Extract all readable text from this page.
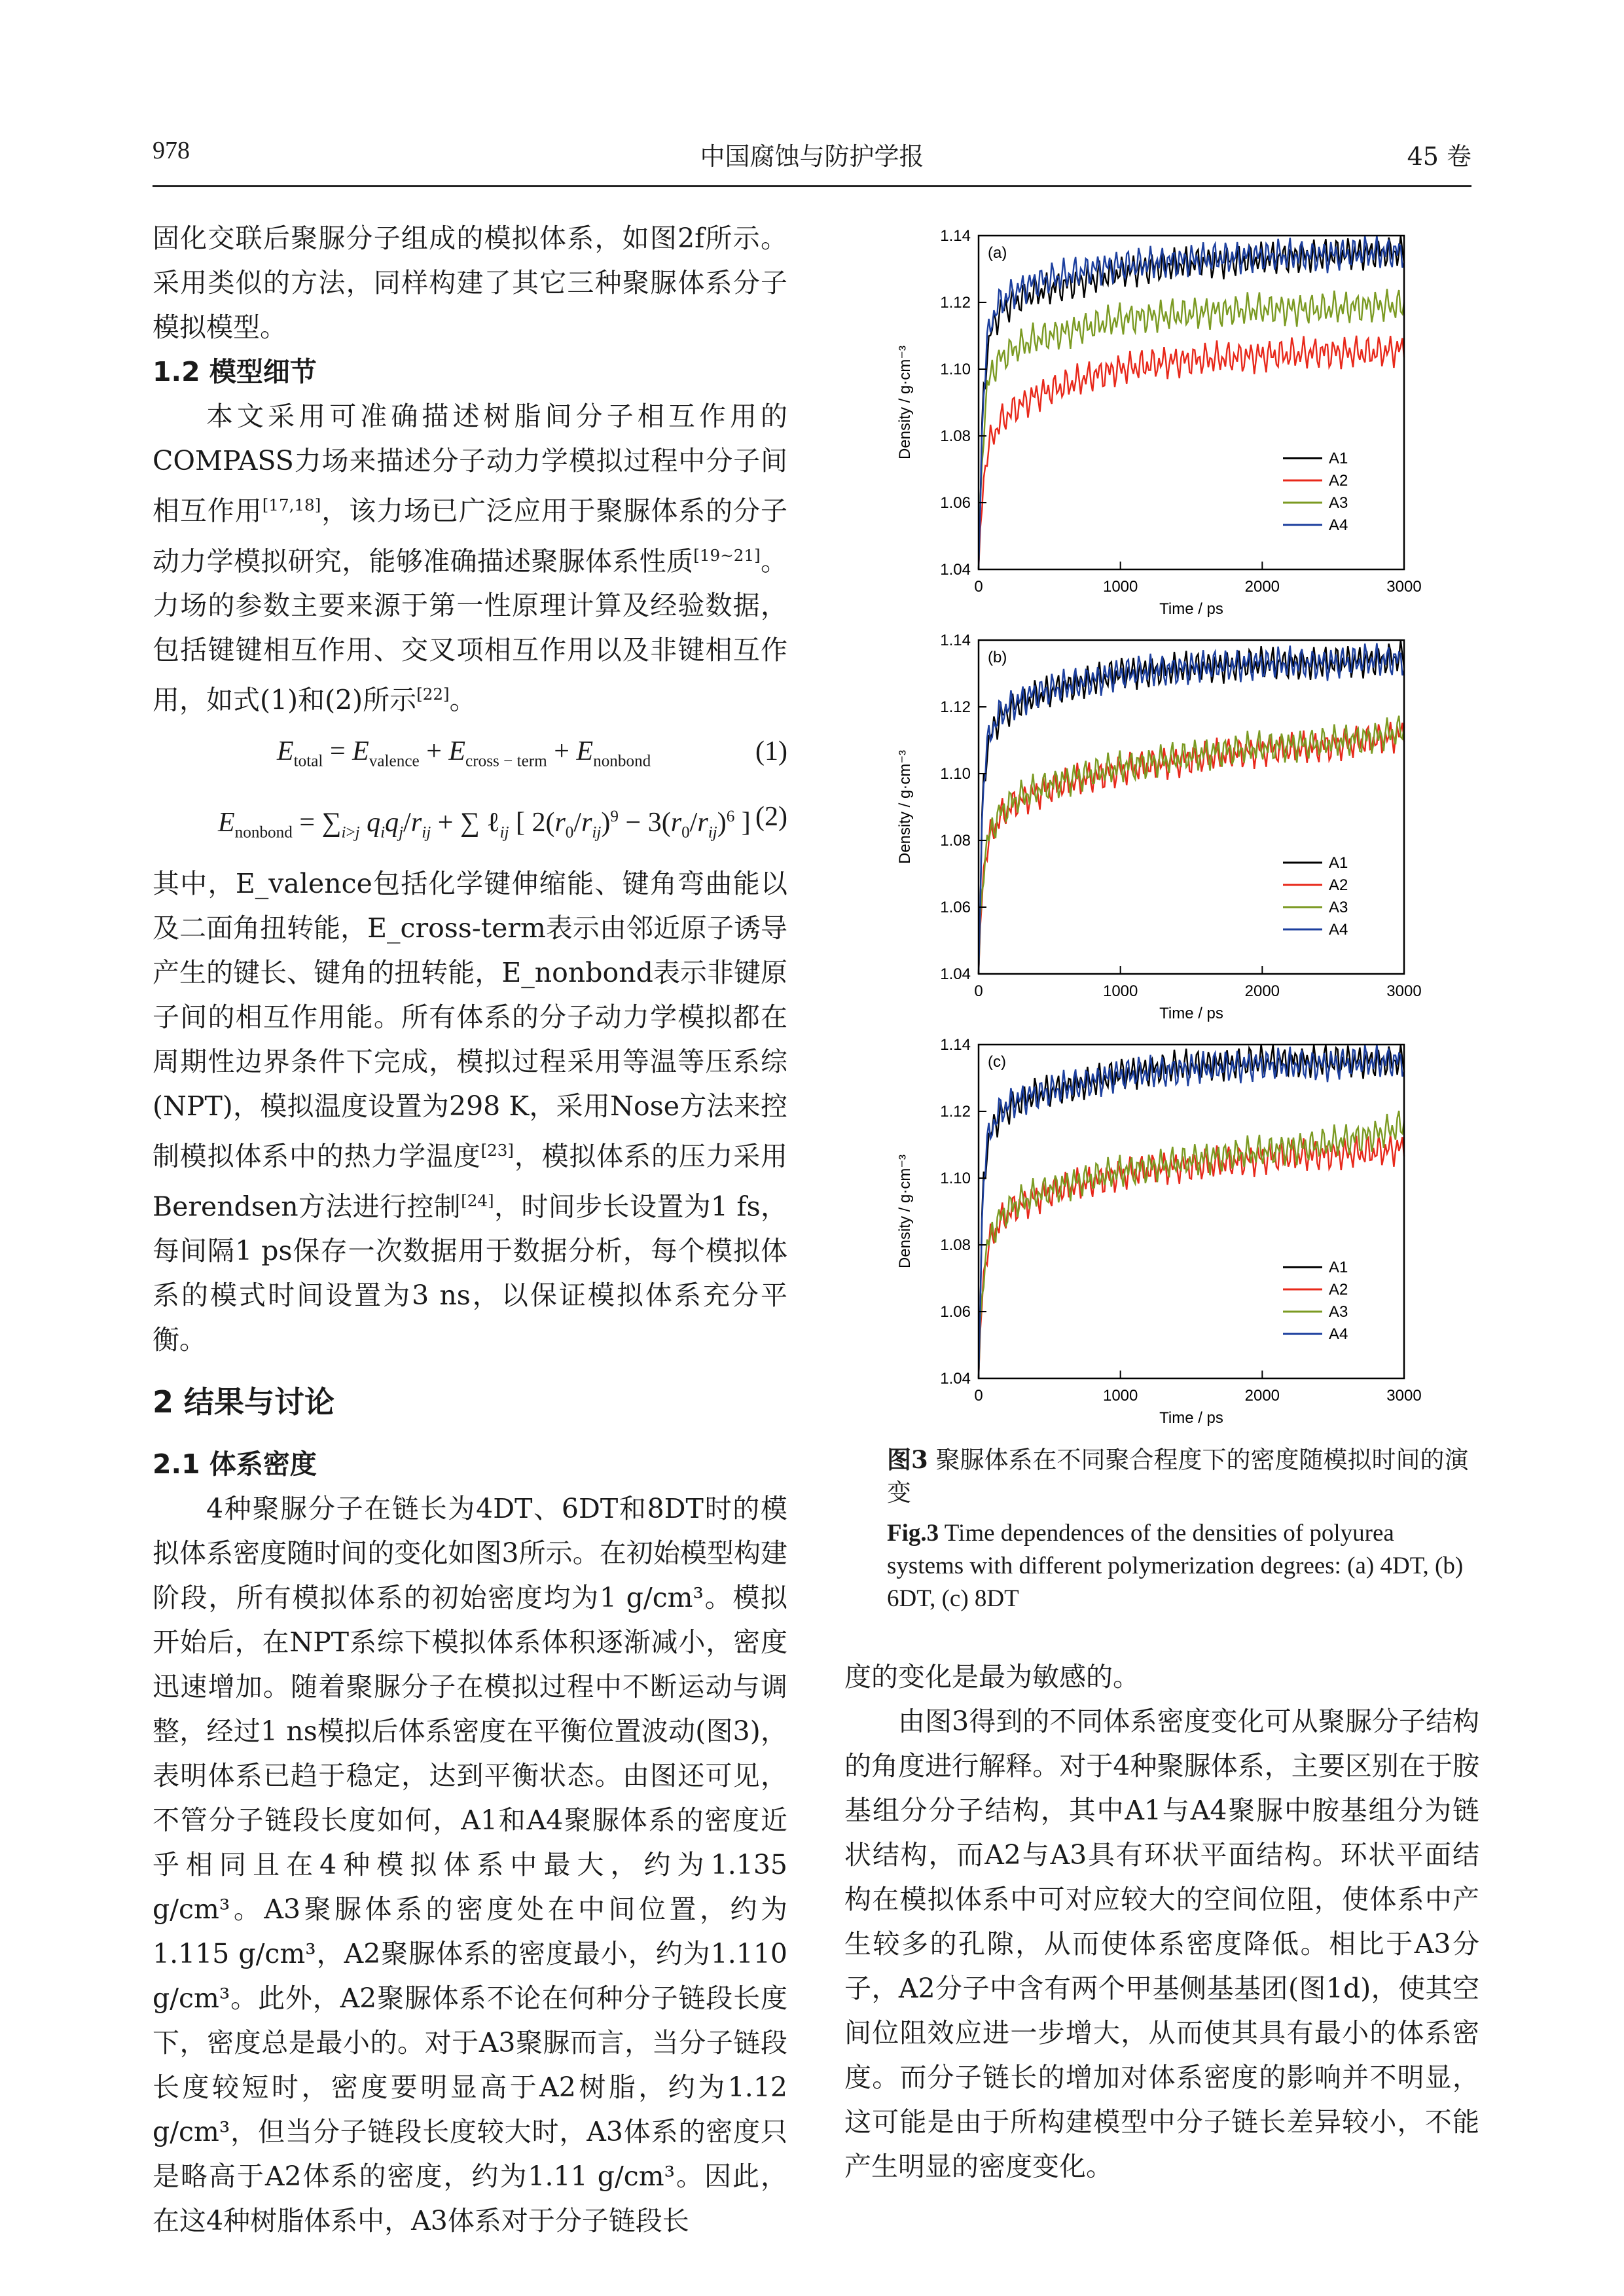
978	中国腐蚀与防护学报	45 卷

固化交联后聚脲分子组成的模拟体系，如图2f所示。采用类似的方法，同样构建了其它三种聚脲体系分子模拟模型。

1.2 模型细节

本文采用可准确描述树脂间分子相互作用的COMPASS力场来描述分子动力学模拟过程中分子间相互作用[17,18]，该力场已广泛应用于聚脲体系的分子动力学模拟研究，能够准确描述聚脲体系性质[19~21]。力场的参数主要来源于第一性原理计算及经验数据，包括键键相互作用、交叉项相互作用以及非键相互作用，如式(1)和(2)所示[22]。

$E_{total} = E_{valence} + E_{cross - term} + E_{nonbond}$	(1)
$E_{nonbond} = \sum_{i>j}$ $q_iq_j/r_{ij}$ + ∑ ℓ$_{ij}$ [ $2(r_0/r_{ij})^9 - 3(r_0/r_{ij})^6$ ] (2)

其中，E_valence包括化学键伸缩能、键角弯曲能以及二面角扭转能，E_cross-term表示由邻近原子诱导产生的键长、键角的扭转能，E_nonbond表示非键原子间的相互作用能。所有体系的分子动力学模拟都在周期性边界条件下完成，模拟过程采用等温等压系综(NPT)，模拟温度设置为298 K，采用Nose方法来控制模拟体系中的热力学温度[23]，模拟体系的压力采用Berendsen方法进行控制[24]，时间步长设置为1 fs，每间隔1 ps保存一次数据用于数据分析，每个模拟体系的模式时间设置为3 ns，以保证模拟体系充分平衡。

2 结果与讨论

2.1 体系密度

4种聚脲分子在链长为4DT、6DT和8DT时的模拟体系密度随时间的变化如图3所示。在初始模型构建阶段，所有模拟体系的初始密度均为1 g/cm³。模拟开始后，在NPT系综下模拟体系体积逐渐减小，密度迅速增加。随着聚脲分子在模拟过程中不断运动与调整，经过1 ns模拟后体系密度在平衡位置波动(图3)，表明体系已趋于稳定，达到平衡状态。由图还可见，不管分子链段长度如何，A1和A4聚脲体系的密度近乎相同且在4种模拟体系中最大，约为1.135 g/cm³。A3聚脲体系的密度处在中间位置，约为1.115 g/cm³，A2聚脲体系的密度最小，约为1.110 g/cm³。此外，A2聚脲体系不论在何种分子链段长度下，密度总是最小的。对于A3聚脲而言，当分子链段长度较短时，密度要明显高于A2树脂，约为1.12 g/cm³，但当分子链段长度较大时，A3体系的密度只是略高于A2体系的密度，约为1.11 g/cm³。因此，在这4种树脂体系中，A3体系对于分子链段长

0	1000	2000	3000
1.04
1.06
1.08
1.10
1.12
1.14
(a)
Time / ps
Density / g·cm⁻³	A1
A2
A3
A4
0	1000	2000	3000
1.04
1.06
1.08
1.10
1.12
1.14
(b)
Time / ps
Density / g·cm⁻³	A1
A2
A3
A4
0	1000	2000	3000
1.04
1.06
1.08
1.10
1.12
1.14
(c)
Time / ps
Density / g·cm⁻³	A1
A2
A3
A4
图3 聚脲体系在不同聚合程度下的密度随模拟时间的演变
Fig.3 Time dependences of the densities of polyurea systems with different polymerization degrees: (a) 4DT, (b) 6DT, (c) 8DT

度的变化是最为敏感的。

由图3得到的不同体系密度变化可从聚脲分子结构的角度进行解释。对于4种聚脲体系，主要区别在于胺基组分分子结构，其中A1与A4聚脲中胺基组分为链状结构，而A2与A3具有环状平面结构。环状平面结构在模拟体系中可对应较大的空间位阻，使体系中产生较多的孔隙，从而使体系密度降低。相比于A3分子，A2分子中含有两个甲基侧基基团(图1d)，使其空间位阻效应进一步增大，从而使其具有最小的体系密度。而分子链长的增加对体系密度的影响并不明显，这可能是由于所构建模型中分子链长差异较小，不能产生明显的密度变化。
